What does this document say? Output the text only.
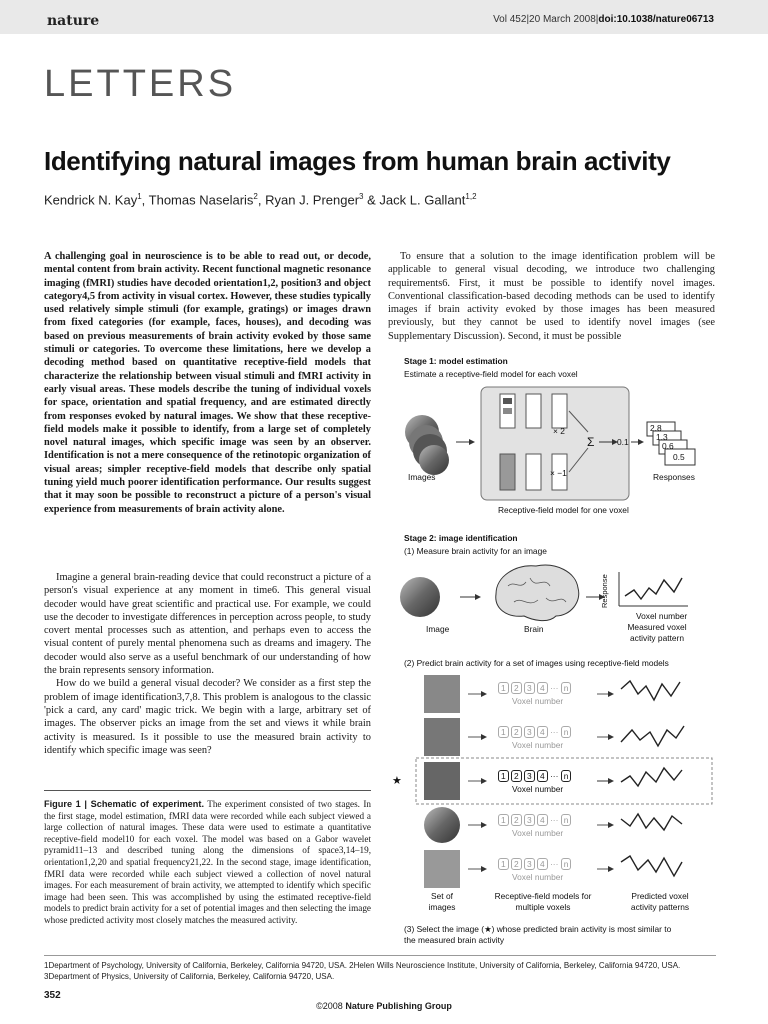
nature	Vol 452|20 March 2008|doi:10.1038/nature06713
LETTERS
Identifying natural images from human brain activity
Kendrick N. Kay$^1$, Thomas Naselaris$^2$, Ryan J. Prenger$^3$ & Jack L. Gallant$^{1,2}$

A challenging goal in neuroscience is to be able to read out, or decode, mental content from brain activity. Recent functional magnetic resonance imaging (fMRI) studies have decoded orientation1,2, position3 and object category4,5 from activity in visual cortex. However, these studies typically used relatively simple stimuli (for example, gratings) or images drawn from fixed categories (for example, faces, houses), and decoding was based on previous measurements of brain activity evoked by those same stimuli or categories. To overcome these limitations, here we develop a decoding method based on quantitative receptive-field models that characterize the relationship between visual stimuli and fMRI activity in early visual areas. These models describe the tuning of individual voxels for space, orientation and spatial frequency, and are estimated directly from responses evoked by natural images. We show that these receptive-field models make it possible to identify, from a large set of completely novel natural images, which specific image was seen by an observer. Identification is not a mere consequence of the retinotopic organization of visual areas; simpler receptive-field models that describe only spatial tuning yield much poorer identification performance. Our results suggest that it may soon be possible to reconstruct a picture of a person's visual experience from measurements of brain activity alone.

Imagine a general brain-reading device that could reconstruct a picture of a person's visual experience at any moment in time6. This general visual decoder would have great scientific and practical use. For example, we could use the decoder to investigate differences in perception across people, to study covert mental processes such as attention, and perhaps even to access the visual content of purely mental phenomena such as dreams and imagery. The decoder would also serve as a useful benchmark of our understanding of how the brain represents sensory information.

How do we build a general visual decoder? We consider as a first step the problem of image identification3,7,8. This problem is analogous to the classic 'pick a card, any card' magic trick. We begin with a large, arbitrary set of images. The observer picks an image from the set and views it while brain activity is measured. Is it possible to use the measured brain activity to identify which specific image was seen?

Figure 1 | Schematic of experiment. The experiment consisted of two stages. In the first stage, model estimation, fMRI data were recorded while each subject viewed a large collection of natural images. These data were used to estimate a quantitative receptive-field model10 for each voxel. The model was based on a Gabor wavelet pyramid11–13 and described tuning along the dimensions of space3,14–19, orientation1,2,20 and spatial frequency21,22. In the second stage, image identification, fMRI data were recorded while each subject viewed a collection of novel natural images. For each measurement of brain activity, we attempted to identify which specific image had been seen. This was accomplished by using the estimated receptive-field models to predict brain activity for a set of potential images and then selecting the image whose predicted activity most closely matches the measured activity.

To ensure that a solution to the image identification problem will be applicable to general visual decoding, we introduce two challenging requirements6. First, it must be possible to identify novel images. Conventional classification-based decoding methods can be used to identify images if brain activity evoked by those images has been measured previously, but they cannot be used to identify novel images (see Supplementary Discussion). Second, it must be possible

Stage 1: model estimation
Estimate a receptive-field model for each voxel
× 2
× −1
Σ	0.1
2.8
1.3
0.6
0.5
Images	Responses
Receptive-field model for one voxel
Stage 2: image identification
(1) Measure brain activity for an image
Response
Image	Brain
Voxel number
Measured voxel activity pattern
(2) Predict brain activity for a set of images using receptive-field models
1 2 3 4 ··· n
Voxel number
1 2 3 4 ··· n
Voxel number
1 2 3 4 ··· n
Voxel number
1 2 3 4 ··· n
Voxel number
1 2 3 4 ··· n
Voxel number
★
Set of images
Receptive-field models for multiple voxels
Predicted voxel activity patterns
(3) Select the image (★) whose predicted brain activity is most similar to
the measured brain activity
1Department of Psychology, University of California, Berkeley, California 94720, USA. 2Helen Wills Neuroscience Institute, University of California, Berkeley, California 94720, USA.
3Department of Physics, University of California, Berkeley, California 94720, USA.
352
©2008 Nature Publishing Group
